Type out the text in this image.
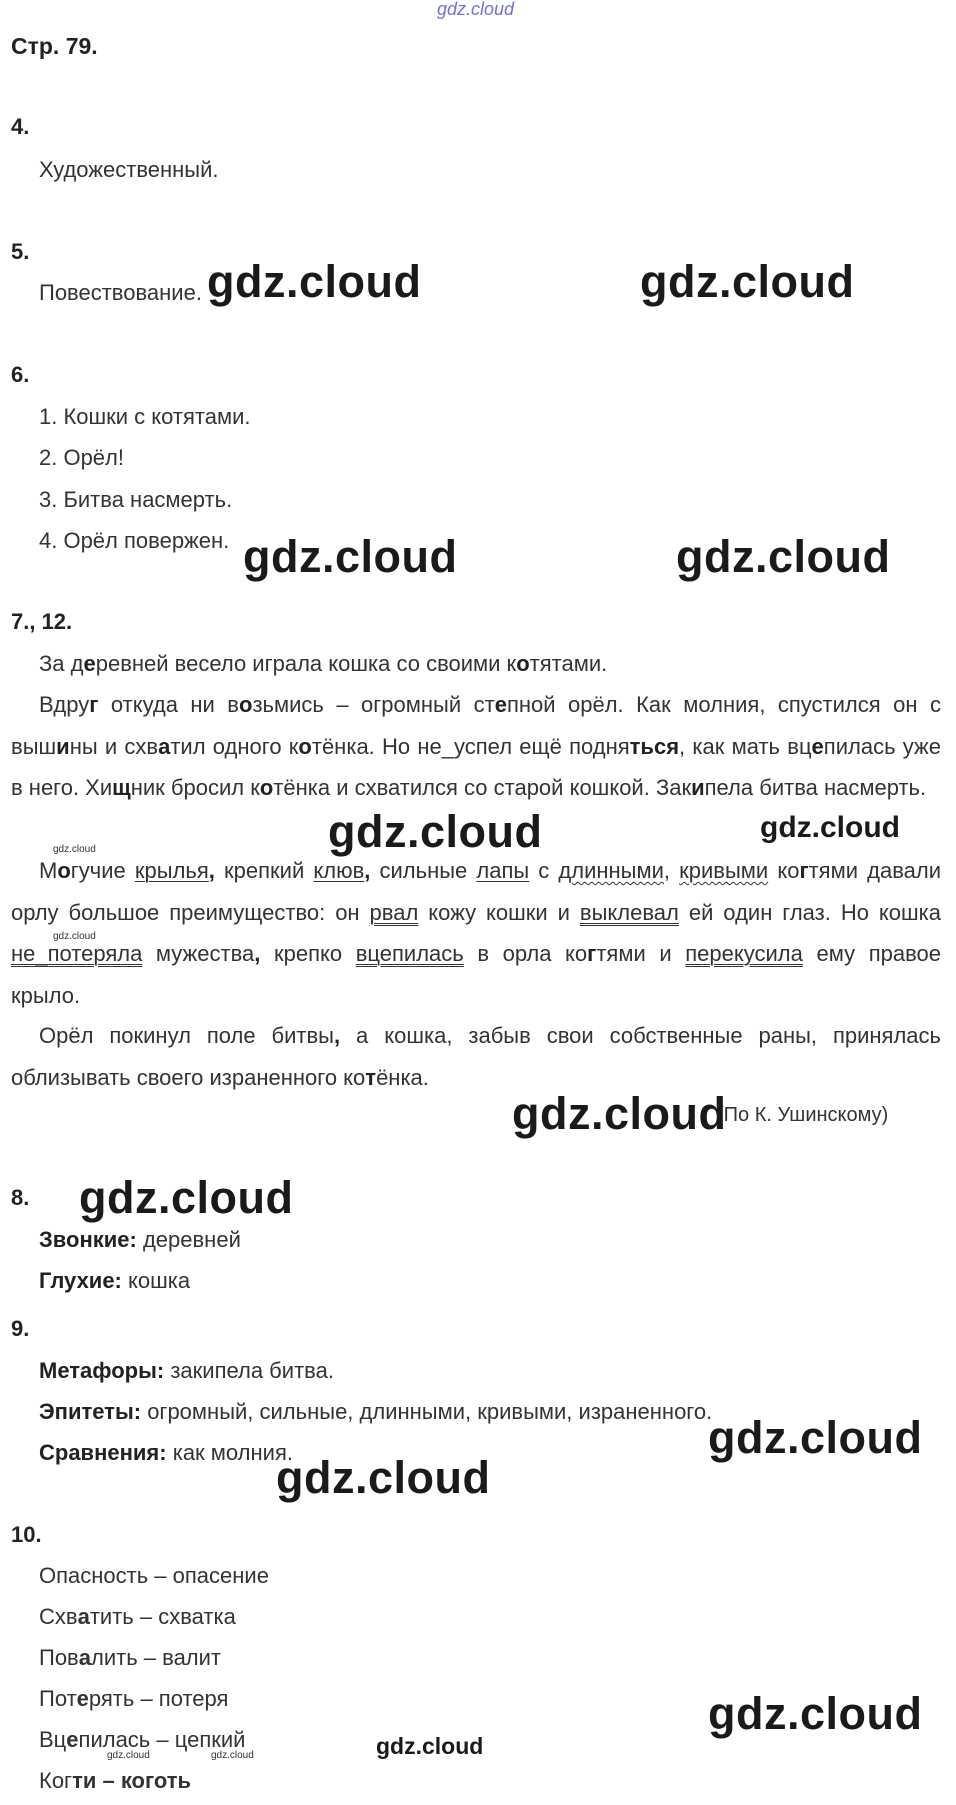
gdz.cloud
Стр. 79.
4.
Художественный.
5.
Повествование.
6.
1. Кошки с котятами.
2. Орёл!
3. Битва насмерть.
4. Орёл повержен.
7., 12.
За деревней весело играла кошка со своими котятами.
Вдруг откуда ни возьмись – огромный степной орёл. Как молния, спустился он с вышины и схватил одного котёнка. Но не_успел ещё подняться, как мать вцепилась уже в него. Хищник бросил котёнка и схватился со старой кошкой. Закипела битва насмерть.
Могучие крылья, крепкий клюв, сильные лапы с длинными, кривыми когтями давали орлу большое преимущество: он рвал кожу кошки и выклевал ей один глаз. Но кошка не_потеряла мужества, крепко вцепилась в орла когтями и перекусила ему правое крыло.
Орёл покинул поле битвы, а кошка, забыв свои собственные раны, принялась облизывать своего израненного котёнка.
(По К. Ушинскому)
8.
Звонкие: деревней
Глухие: кошка
9.
Метафоры: закипела битва.
Эпитеты: огромный, сильные, длинными, кривыми, израненного.
Сравнения: как молния.
10.
Опасность – опасение
Схватить – схватка
Повалить – валит
Потерять – потеря
Вцепилась – цепкий
Когти – коготь
gdz.cloud	gdz.cloud
gdz.cloud	gdz.cloud
gdz.cloud	gdz.cloud
gdz.cloud
gdz.cloud
gdz.cloud
gdz.cloud
gdz.cloud
gdz.cloud
gdz.cloud
gdz.cloud
gdz.cloud	gdz.cloud
